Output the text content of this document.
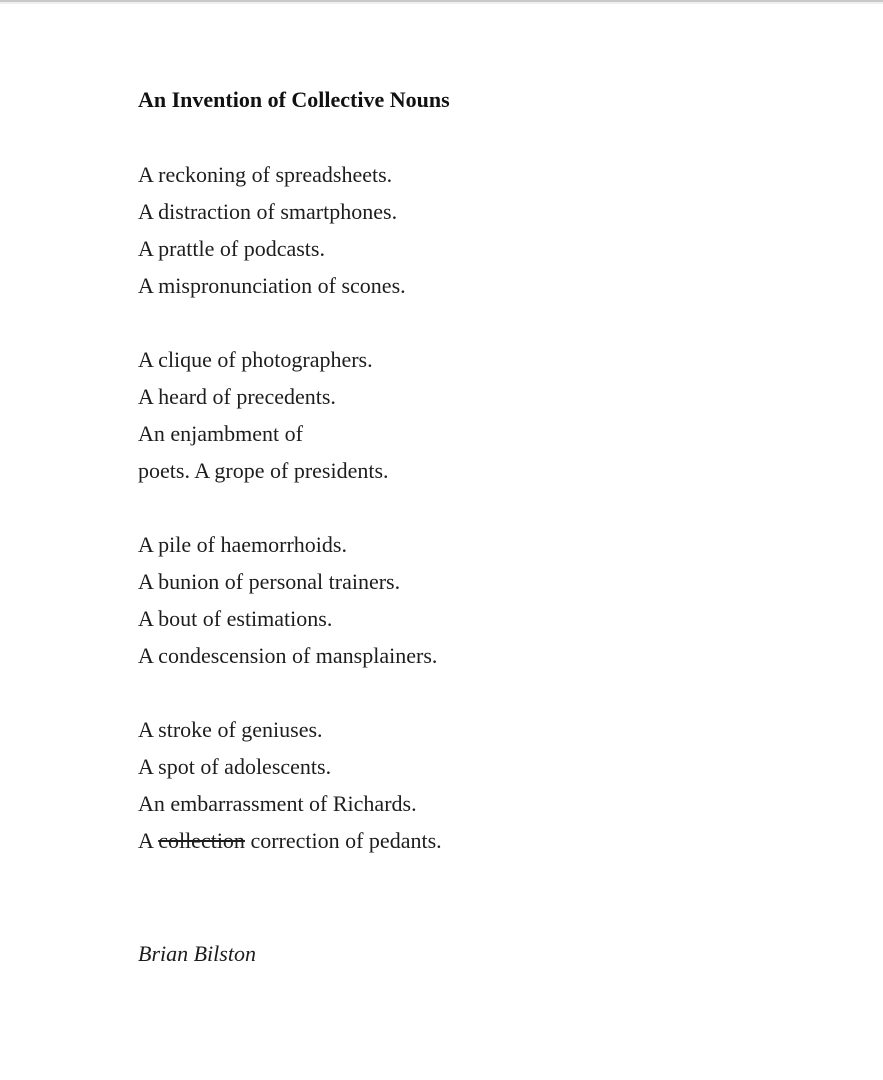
An Invention of Collective Nouns

A reckoning of spreadsheets.

A distraction of smartphones.

A prattle of podcasts.

A mispronunciation of scones.

A clique of photographers.

A heard of precedents.

An enjambment of

poets. A grope of presidents.

A pile of haemorrhoids.

A bunion of personal trainers.

A bout of estimations.

A condescension of mansplainers.

A stroke of geniuses.

A spot of adolescents.

An embarrassment of Richards.

A collection correction of pedants.

Brian Bilston
